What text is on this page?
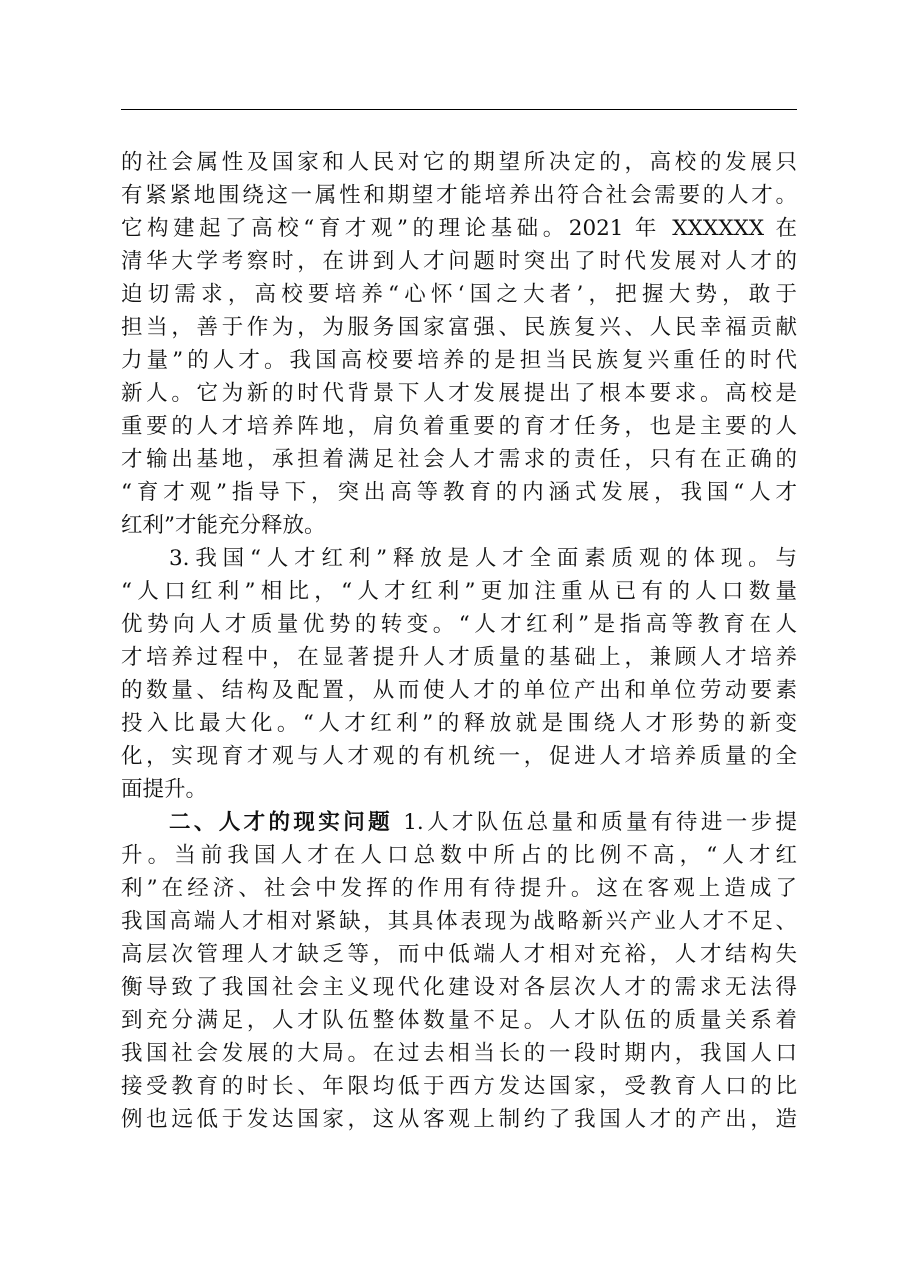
的社会属性及国家和人民对它的期望所决定的，高校的发展只
有紧紧地围绕这一属性和期望才能培养出符合社会需要的人才。
它构建起了高校“育才观”的理论基础。2021 年 XXXXXX 在
清华大学考察时，在讲到人才问题时突出了时代发展对人才的
迫切需求，高校要培养“心怀‘国之大者’，把握大势，敢于
担当，善于作为，为服务国家富强、民族复兴、人民幸福贡献
力量”的人才。我国高校要培养的是担当民族复兴重任的时代
新人。它为新的时代背景下人才发展提出了根本要求。高校是
重要的人才培养阵地，肩负着重要的育才任务，也是主要的人
才输出基地，承担着满足社会人才需求的责任，只有在正确的
“育才观”指导下，突出高等教育的内涵式发展，我国“人才
红利”才能充分释放。
3.我国“人才红利”释放是人才全面素质观的体现。与
“人口红利”相比，“人才红利”更加注重从已有的人口数量
优势向人才质量优势的转变。“人才红利”是指高等教育在人
才培养过程中，在显著提升人才质量的基础上，兼顾人才培养
的数量、结构及配置，从而使人才的单位产出和单位劳动要素
投入比最大化。“人才红利”的释放就是围绕人才形势的新变
化，实现育才观与人才观的有机统一，促进人才培养质量的全
面提升。
二、人才的现实问题 1.人才队伍总量和质量有待进一步提
升。当前我国人才在人口总数中所占的比例不高，“人才红
利”在经济、社会中发挥的作用有待提升。这在客观上造成了
我国高端人才相对紧缺，其具体表现为战略新兴产业人才不足、
高层次管理人才缺乏等，而中低端人才相对充裕，人才结构失
衡导致了我国社会主义现代化建设对各层次人才的需求无法得
到充分满足，人才队伍整体数量不足。人才队伍的质量关系着
我国社会发展的大局。在过去相当长的一段时期内，我国人口
接受教育的时长、年限均低于西方发达国家，受教育人口的比
例也远低于发达国家，这从客观上制约了我国人才的产出，造
